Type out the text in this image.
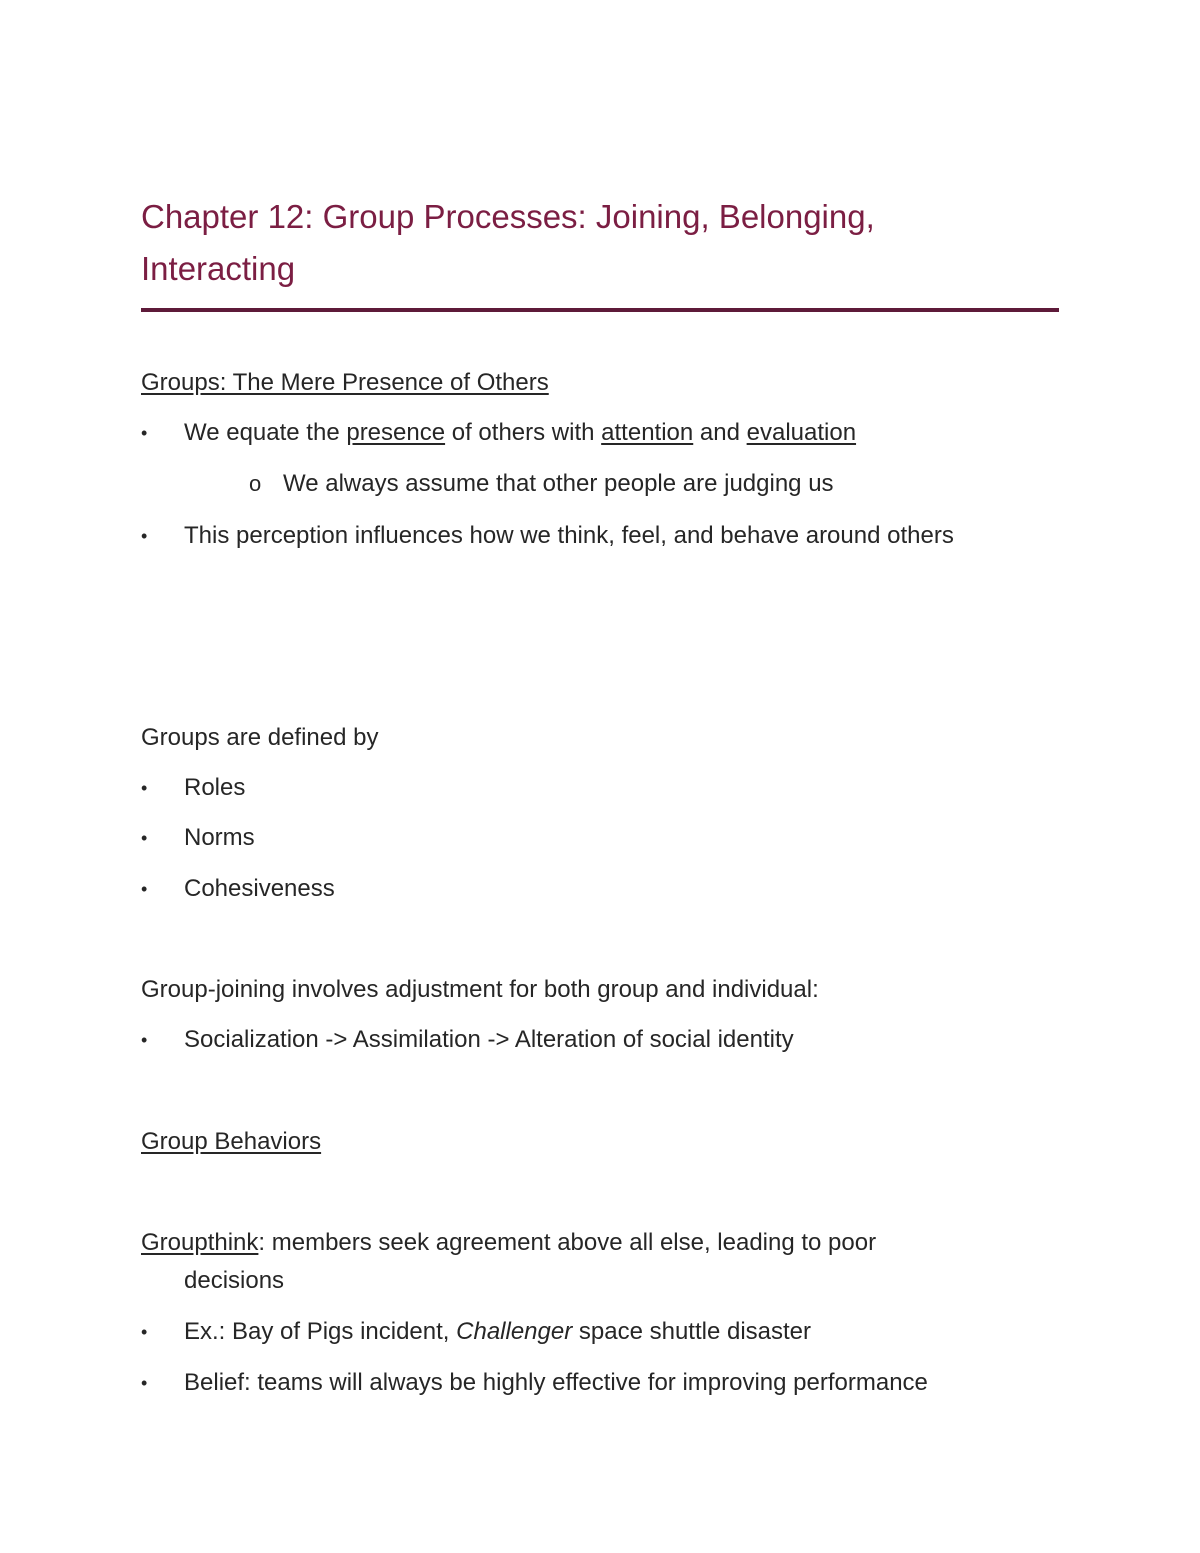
Chapter 12: Group Processes: Joining, Belonging,
Interacting
Groups: The Mere Presence of Others
• We equate the presence of others with attention and evaluation
o We always assume that other people are judging us
• This perception influences how we think, feel, and behave around others
Groups are defined by
• Roles
• Norms
• Cohesiveness
Group-joining involves adjustment for both group and individual:
• Socialization -> Assimilation -> Alteration of social identity
Group Behaviors
Groupthink: members seek agreement above all else, leading to poor
decisions
• Ex.: Bay of Pigs incident, Challenger space shuttle disaster
• Belief: teams will always be highly effective for improving performance
